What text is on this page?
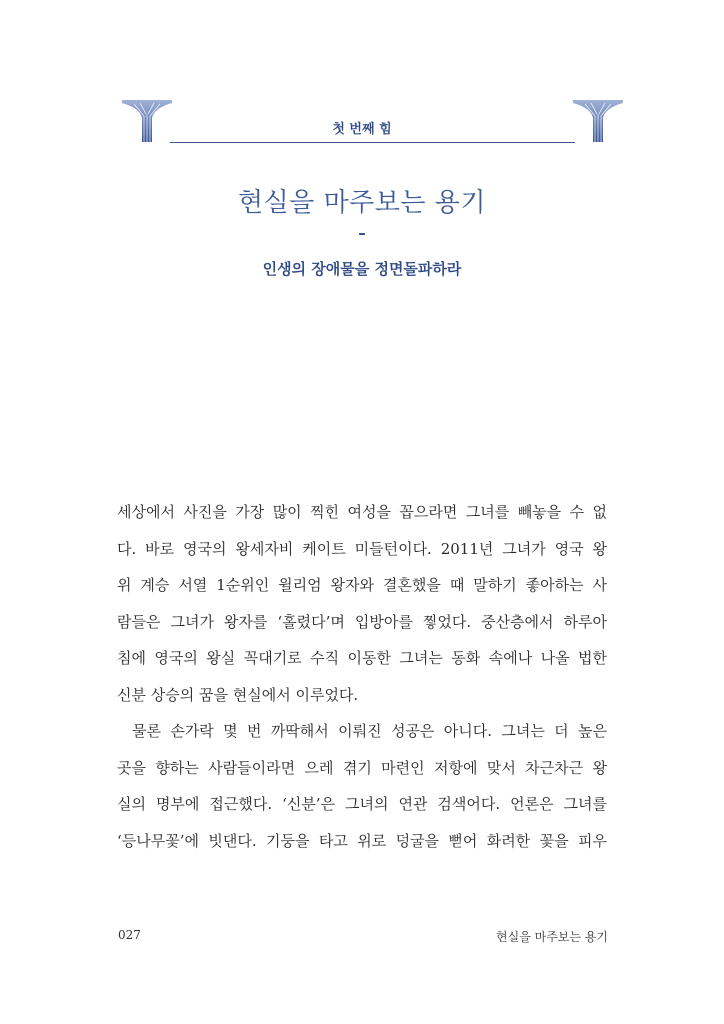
첫 번째 힘
현실을 마주보는 용기
–
인생의 장애물을 정면돌파하라
세상에서 사진을 가장 많이 찍힌 여성을 꼽으라면 그녀를 빼놓을 수 없
다. 바로 영국의 왕세자비 케이트 미들턴이다. 2011년 그녀가 영국 왕
위 계승 서열 1순위인 윌리엄 왕자와 결혼했을 때 말하기 좋아하는 사
람들은 그녀가 왕자를 ‘홀렸다’며 입방아를 찧었다. 중산층에서 하루아
침에 영국의 왕실 꼭대기로 수직 이동한 그녀는 동화 속에나 나올 법한
신분 상승의 꿈을 현실에서 이루었다.
물론 손가락 몇 번 까딱해서 이뤄진 성공은 아니다. 그녀는 더 높은
곳을 향하는 사람들이라면 으레 겪기 마련인 저항에 맞서 차근차근 왕
실의 명부에 접근했다. ‘신분’은 그녀의 연관 검색어다. 언론은 그녀를
‘등나무꽃’에 빗댄다. 기둥을 타고 위로 덩굴을 뻗어 화려한 꽃을 피우
027	현실을 마주보는 용기
